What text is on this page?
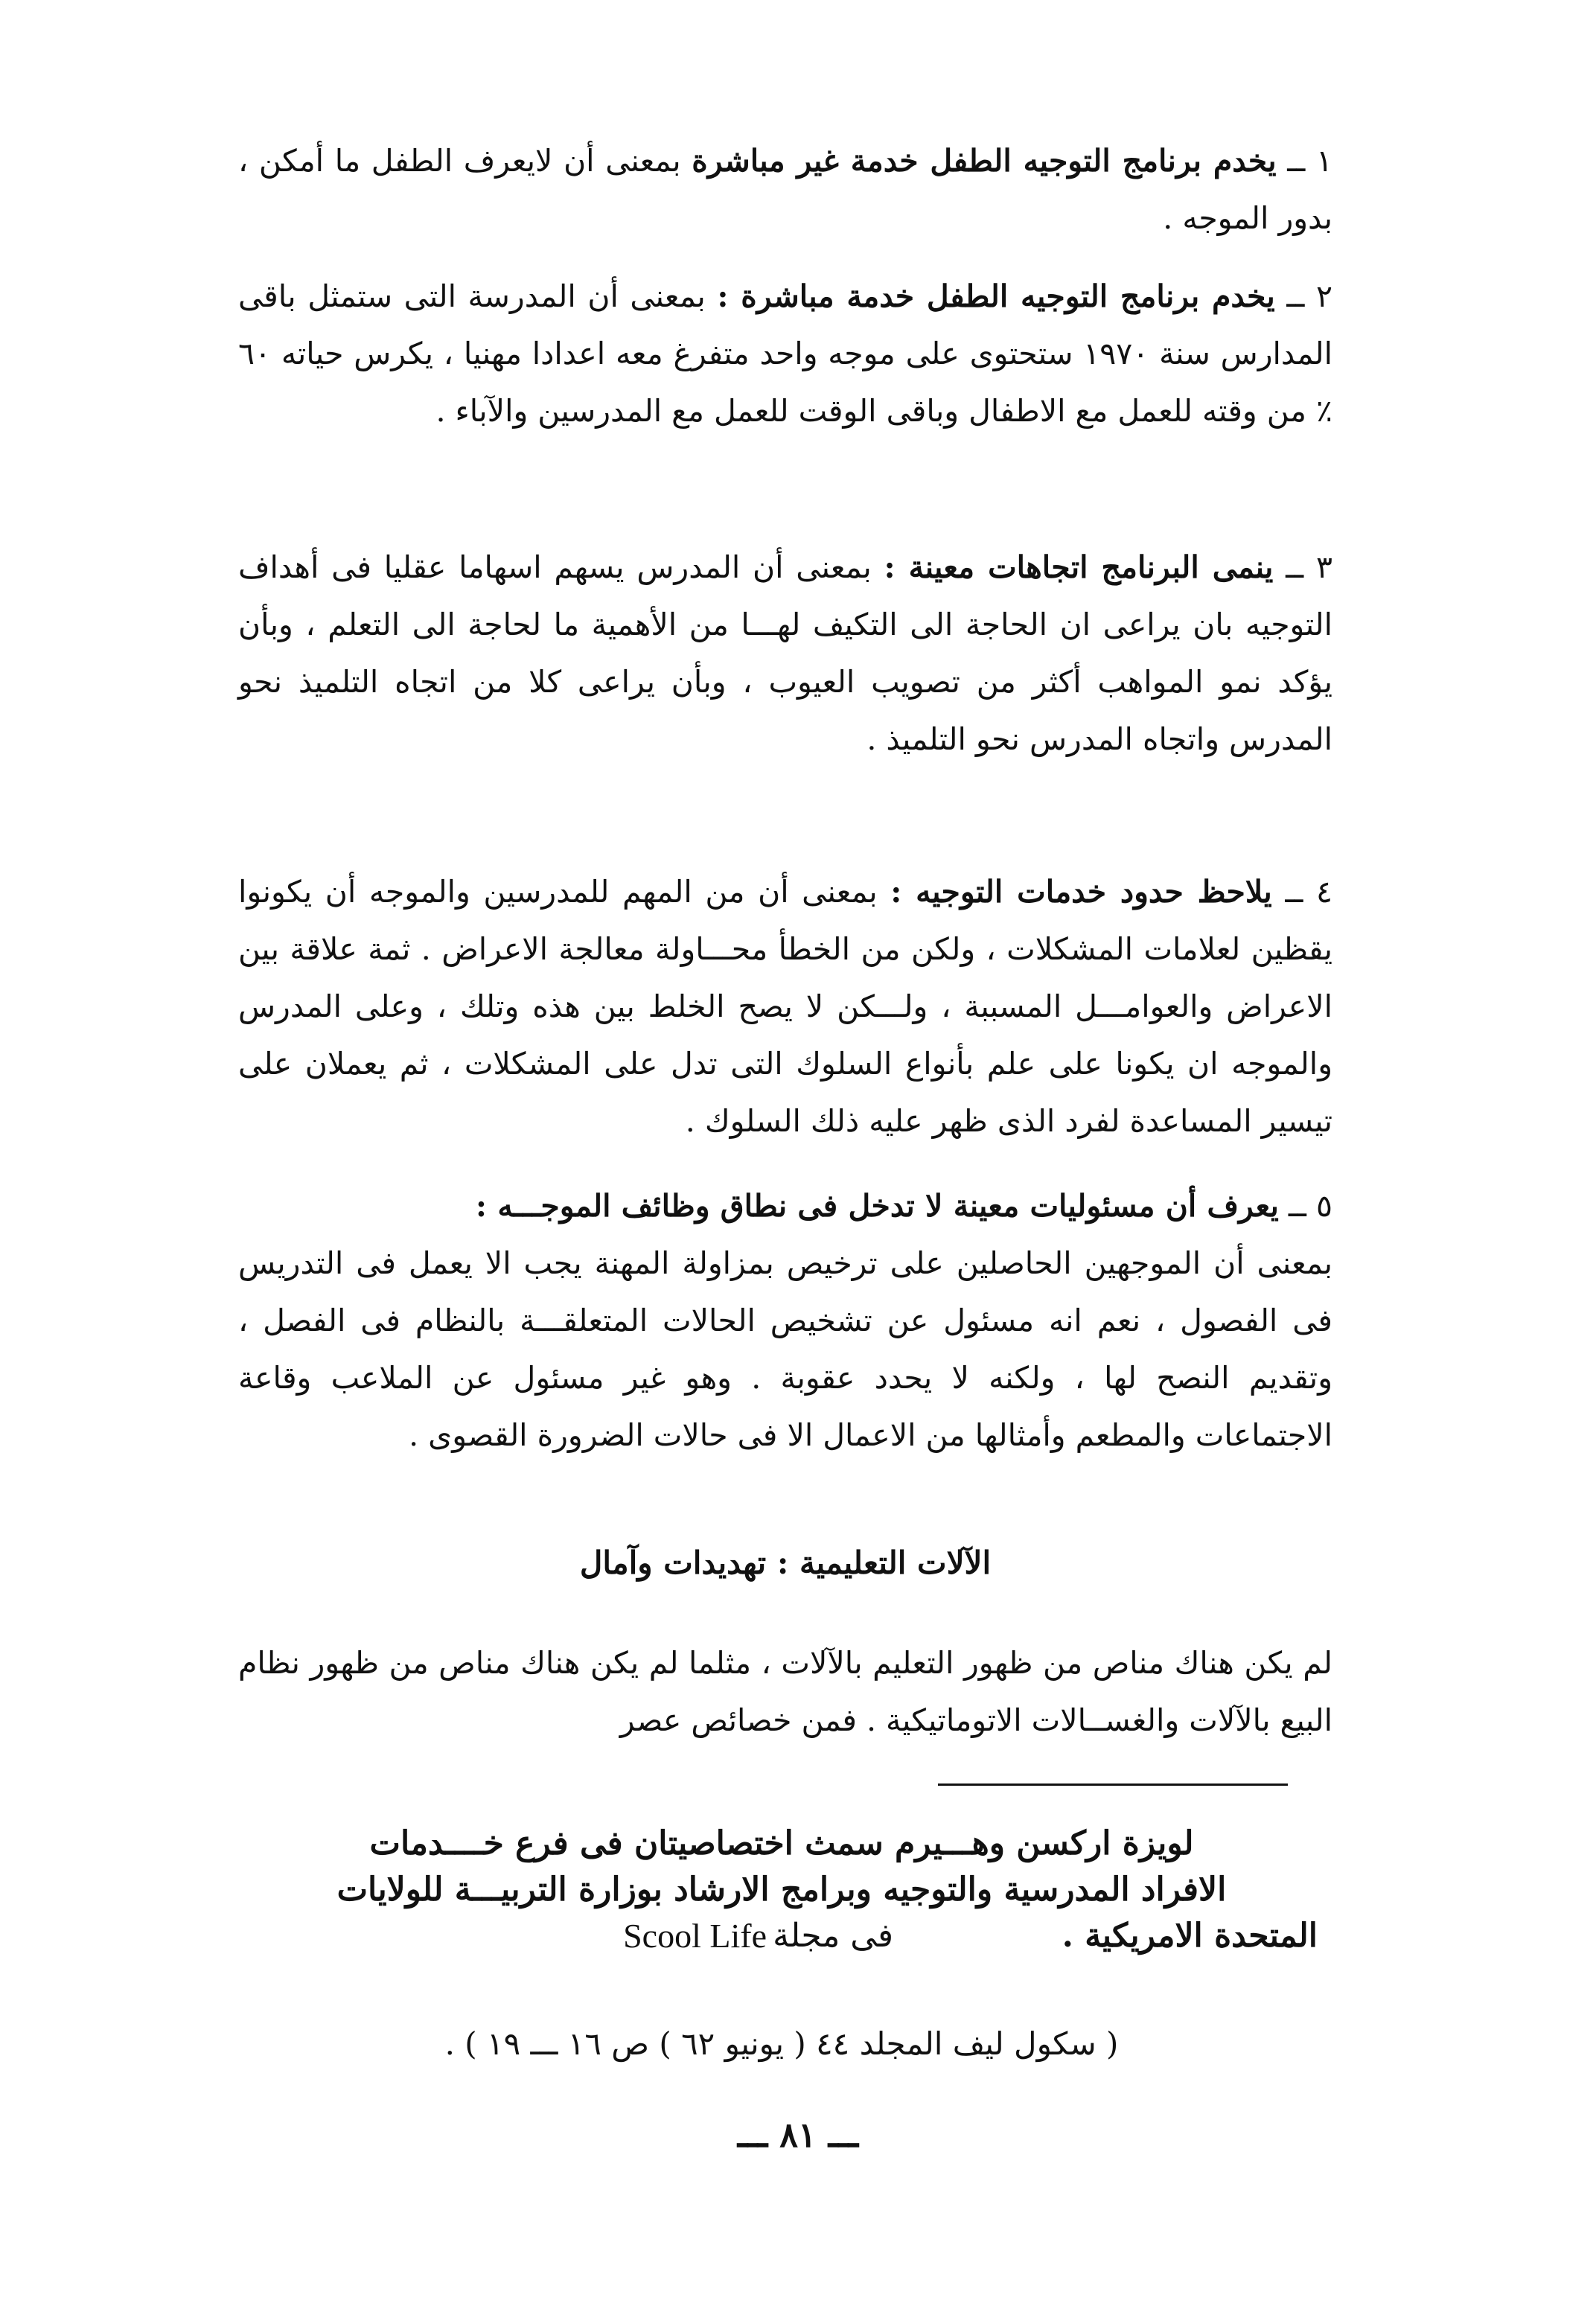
١ ــ يخدم برنامج التوجيه الطفل خدمة غير مباشرة بمعنى أن لايعرف الطفل ما أمكن ، بدور الموجه .
٢ ــ يخدم برنامج التوجيه الطفل خدمة مباشرة : بمعنى أن المدرسة التى ستمثل باقى المدارس سنة ١٩٧٠ ستحتوى على موجه واحد متفرغ معه اعدادا مهنيا ، يكرس حياته ٦٠ ٪ من وقته للعمل مع الاطفال وباقى الوقت للعمل مع المدرسين والآباء .
٣ ــ ينمى البرنامج اتجاهات معينة : بمعنى أن المدرس يسهم اسهاما عقليا فى أهداف التوجيه بان يراعى ان الحاجة الى التكيف لهـــا من الأهمية ما لحاجة الى التعلم ، وبأن يؤكد نمو المواهب أكثر من تصويب العيوب ، وبأن يراعى كلا من اتجاه التلميذ نحو المدرس واتجاه المدرس نحو التلميذ .
٤ ــ يلاحظ حدود خدمات التوجيه : بمعنى أن من المهم للمدرسين والموجه أن يكونوا يقظين لعلامات المشكلات ، ولكن من الخطأ محـــاولة معالجة الاعراض . ثمة علاقة بين الاعراض والعوامـــل المسببة ، ولـــكن لا يصح الخلط بين هذه وتلك ، وعلى المدرس والموجه ان يكونا على علم بأنواع السلوك التى تدل على المشكلات ، ثم يعملان على تيسير المساعدة لفرد الذى ظهر عليه ذلك السلوك .
٥ ــ يعرف أن مسئوليات معينة لا تدخل فى نطاق وظائف الموجـــه :
بمعنى أن الموجهين الحاصلين على ترخيص بمزاولة المهنة يجب الا يعمل فى التدريس فى الفصول ، نعم انه مسئول عن تشخيص الحالات المتعلقـــة بالنظام فى الفصل ، وتقديم النصح لها ، ولكنه لا يحدد عقوبة . وهو غير مسئول عن الملاعب وقاعة الاجتماعات والمطعم وأمثالها من الاعمال الا فى حالات الضرورة القصوى .
الآلات التعليمية : تهديدات وآمال
لم يكن هناك مناص من ظهور التعليم بالآلات ، مثلما لم يكن هناك مناص من ظهور نظام البيع بالآلات والغســالات الاتوماتيكية . فمن خصائص عصر
لويزة اركسن وهـــيرم سمث اختصاصيتان فى فرع خــــدمات
الافراد المدرسية والتوجيه وبرامج الارشاد بوزارة التربيـــة للولايات
المتحدة الامريكية .
فى مجلة
Scool Life
( سكول ليف المجلد ٤٤ ( يونيو ٦٢ ) ص ١٦ ـــ ١٩ ) .
ـــ ٨١ ـــ
